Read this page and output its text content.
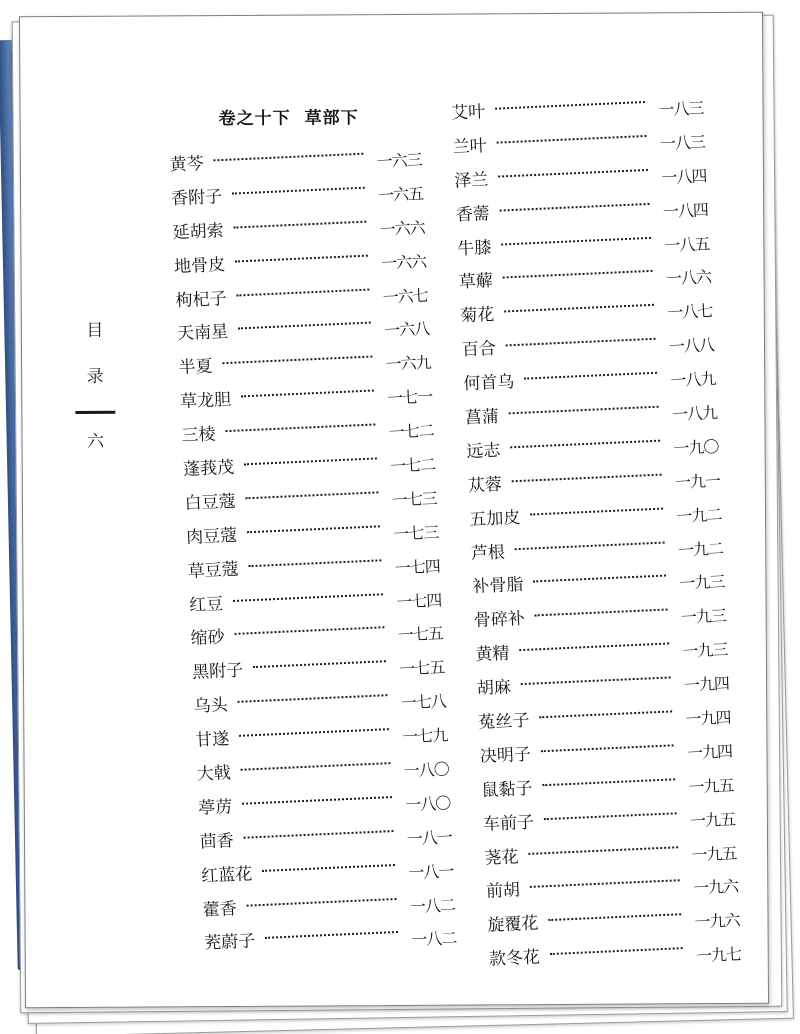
目
录
六
卷之十下 草部下
黄芩	一六三
香附子	一六五
延胡索	一六六
地骨皮	一六六
枸杞子	一六七
天南星	一六八
半夏	一六九
草龙胆	一七一
三棱	一七二
蓬莪茂	一七二
白豆蔻	一七三
肉豆蔻	一七三
草豆蔻	一七四
红豆	一七四
缩砂	一七五
黑附子	一七五
乌头	一七八
甘遂	一七九
大戟	一八〇
葶苈	一八〇
茴香	一八一
红蓝花	一八一
藿香	一八二
茺蔚子	一八二
艾叶	一八三
兰叶	一八三
泽兰	一八四
香薷	一八四
牛膝	一八五
草薢	一八六
菊花	一八七
百合	一八八
何首乌	一八九
菖蒲	一八九
远志	一九〇
苁蓉	一九一
五加皮	一九二
芦根	一九二
补骨脂	一九三
骨碎补	一九三
黄精	一九三
胡麻	一九四
菟丝子	一九四
决明子	一九四
鼠黏子	一九五
车前子	一九五
荛花	一九五
前胡	一九六
旋覆花	一九六
款冬花	一九七
